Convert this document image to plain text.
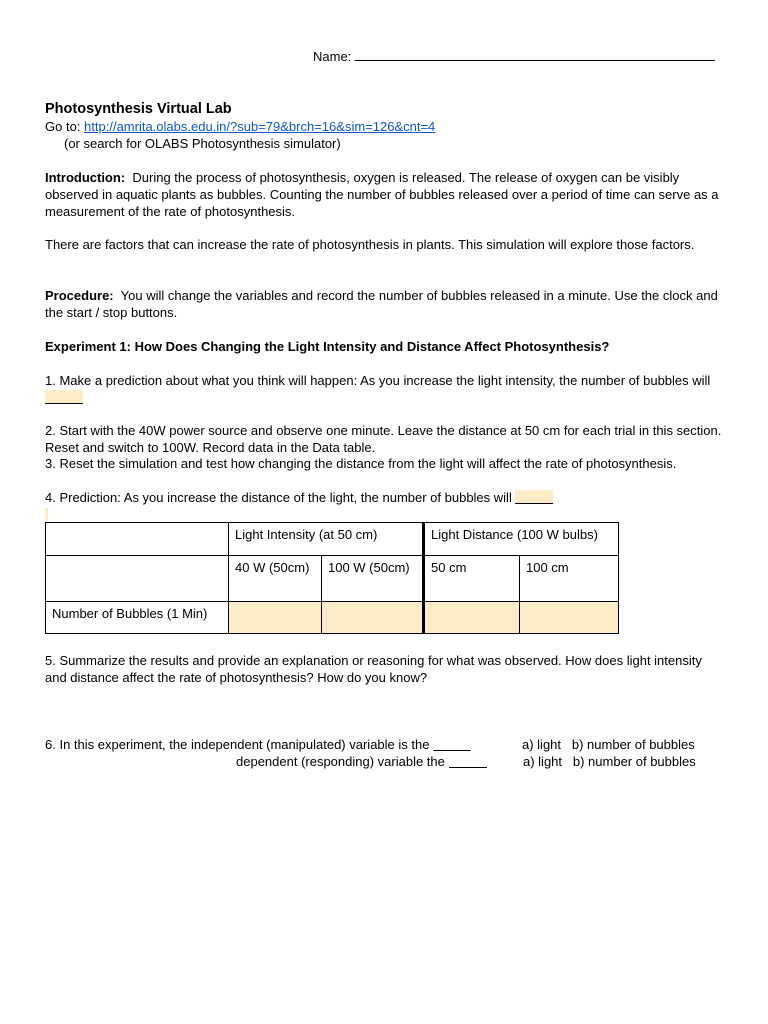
Name:
Photosynthesis Virtual Lab
Go to: http://amrita.olabs.edu.in/?sub=79&brch=16&sim=126&cnt=4
(or search for OLABS Photosynthesis simulator)
Introduction: During the process of photosynthesis, oxygen is released. The release of oxygen can be visibly observed in aquatic plants as bubbles. Counting the number of bubbles released over a period of time can serve as a measurement of the rate of photosynthesis.
There are factors that can increase the rate of photosynthesis in plants. This simulation will explore those factors.
Procedure: You will change the variables and record the number of bubbles released in a minute. Use the clock and the start / stop buttons.
Experiment 1: How Does Changing the Light Intensity and Distance Affect Photosynthesis?
1. Make a prediction about what you think will happen: As you increase the light intensity, the number of bubbles will
2. Start with the 40W power source and observe one minute. Leave the distance at 50 cm for each trial in this section. Reset and switch to 100W. Record data in the Data table.
3. Reset the simulation and test how changing the distance from the light will affect the rate of photosynthesis.
4. Prediction: As you increase the distance of the light, the number of bubbles will
	Light Intensity (at 50 cm)		Light Distance (100 W bulbs)	
	40 W (50cm)	100 W (50cm)	50 cm	100 cm
Number of Bubbles (1 Min)				
5. Summarize the results and provide an explanation or reasoning for what was observed. How does light intensity and distance affect the rate of photosynthesis? How do you know?
6. In this experiment, the independent (manipulated) variable is the	a) light b) number of bubbles
dependent (responding) variable the	a) light b) number of bubbles
